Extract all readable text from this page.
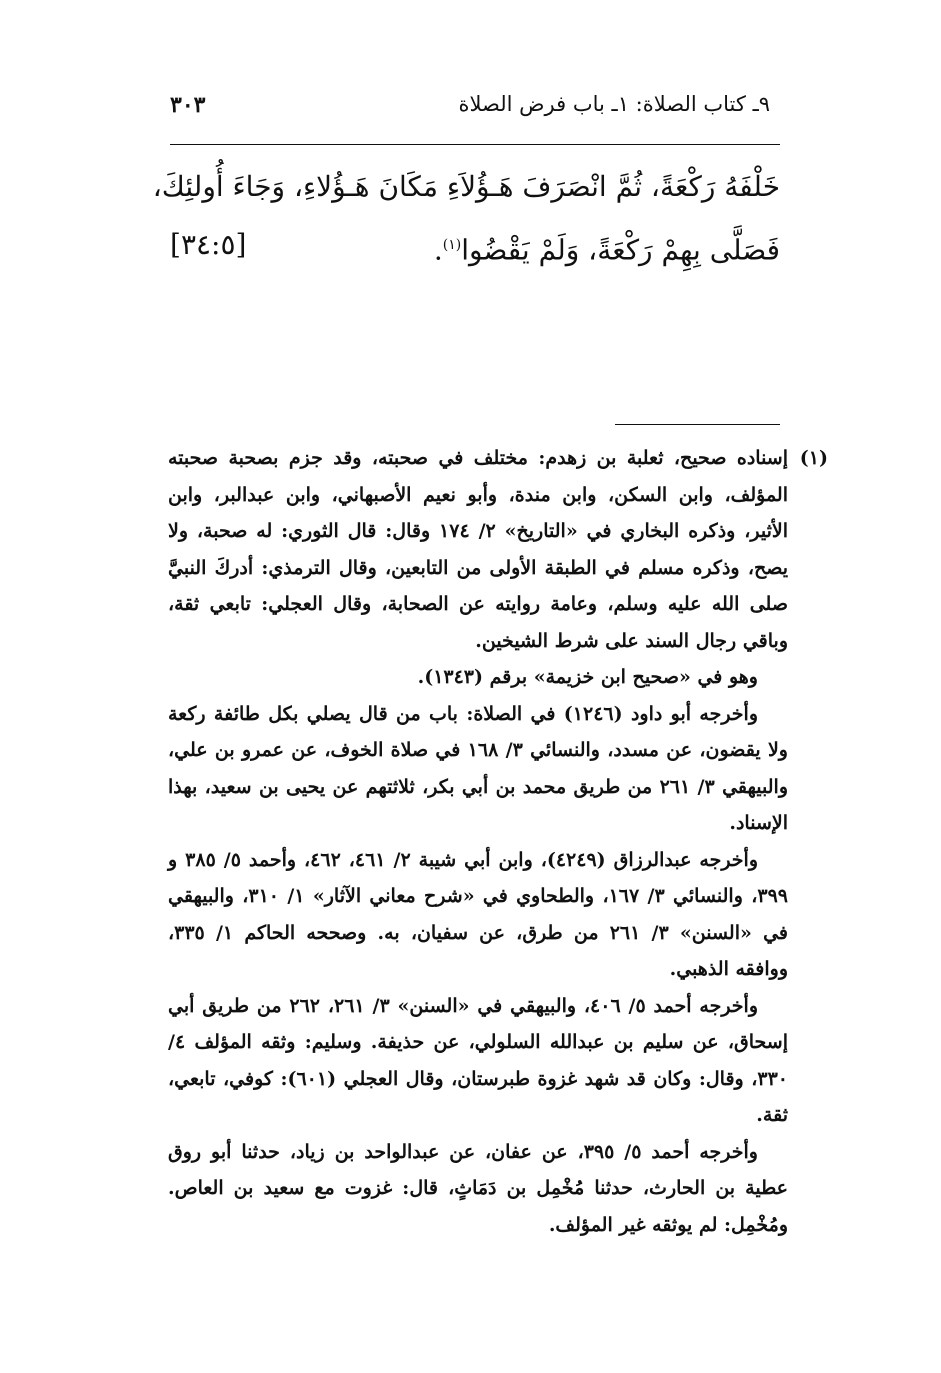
٩ـ كتاب الصلاة: ١ـ باب فرض الصلاة
٣٠٣
خَلْفَهُ رَكْعَةً، ثُمَّ انْصَرَفَ هَـؤُلاَءِ مَكَانَ هَـؤُلاءِ، وَجَاءَ أُولئِكَ،
فَصَلَّى بِهِمْ رَكْعَةً، وَلَمْ يَقْضُوا$^{(١)}$.
[٣٤:٥]
(١)

إسناده صحيح، ثعلبة بن زهدم: مختلف في صحبته، وقد جزم بصحبة صحبته المؤلف، وابن السكن، وابن مندة، وأبو نعيم الأصبهاني، وابن عبدالبر، وابن الأثير، وذكره البخاري في «التاريخ» ٢/ ١٧٤ وقال: قال الثوري: له صحبة، ولا يصح، وذكره مسلم في الطبقة الأولى من التابعين، وقال الترمذي: أدركَ النبيَّ صلى الله عليه وسلم، وعامة روايته عن الصحابة، وقال العجلي: تابعي ثقة، وباقي رجال السند على شرط الشيخين.

وهو في «صحيح ابن خزيمة» برقم (١٣٤٣).

وأخرجه أبو داود (١٢٤٦) في الصلاة: باب من قال يصلي بكل طائفة ركعة ولا يقضون، عن مسدد، والنسائي ٣/ ١٦٨ في صلاة الخوف، عن عمرو بن علي، والبيهقي ٣/ ٢٦١ من طريق محمد بن أبي بكر، ثلاثتهم عن يحيى بن سعيد، بهذا الإسناد.

وأخرجه عبدالرزاق (٤٢٤٩)، وابن أبي شيبة ٢/ ٤٦١، ٤٦٢، وأحمد ٥/ ٣٨٥ و ٣٩٩، والنسائي ٣/ ١٦٧، والطحاوي في «شرح معاني الآثار» ١/ ٣١٠، والبيهقي في «السنن» ٣/ ٢٦١ من طرق، عن سفيان، به. وصححه الحاكم ١/ ٣٣٥، ووافقه الذهبي.

وأخرجه أحمد ٥/ ٤٠٦، والبيهقي في «السنن» ٣/ ٢٦١، ٢٦٢ من طريق أبي إسحاق، عن سليم بن عبدالله السلولي، عن حذيفة. وسليم: وثقه المؤلف ٤/ ٣٣٠، وقال: وكان قد شهد غزوة طبرستان، وقال العجلي (٦٠١): كوفي، تابعي، ثقة.

وأخرجه أحمد ٥/ ٣٩٥، عن عفان، عن عبدالواحد بن زياد، حدثنا أبو روق عطية بن الحارث، حدثنا مُخْمِل بن دَمَاثٍ، قال: غزوت مع سعيد بن العاص. ومُخْمِل: لم يوثقه غير المؤلف.
